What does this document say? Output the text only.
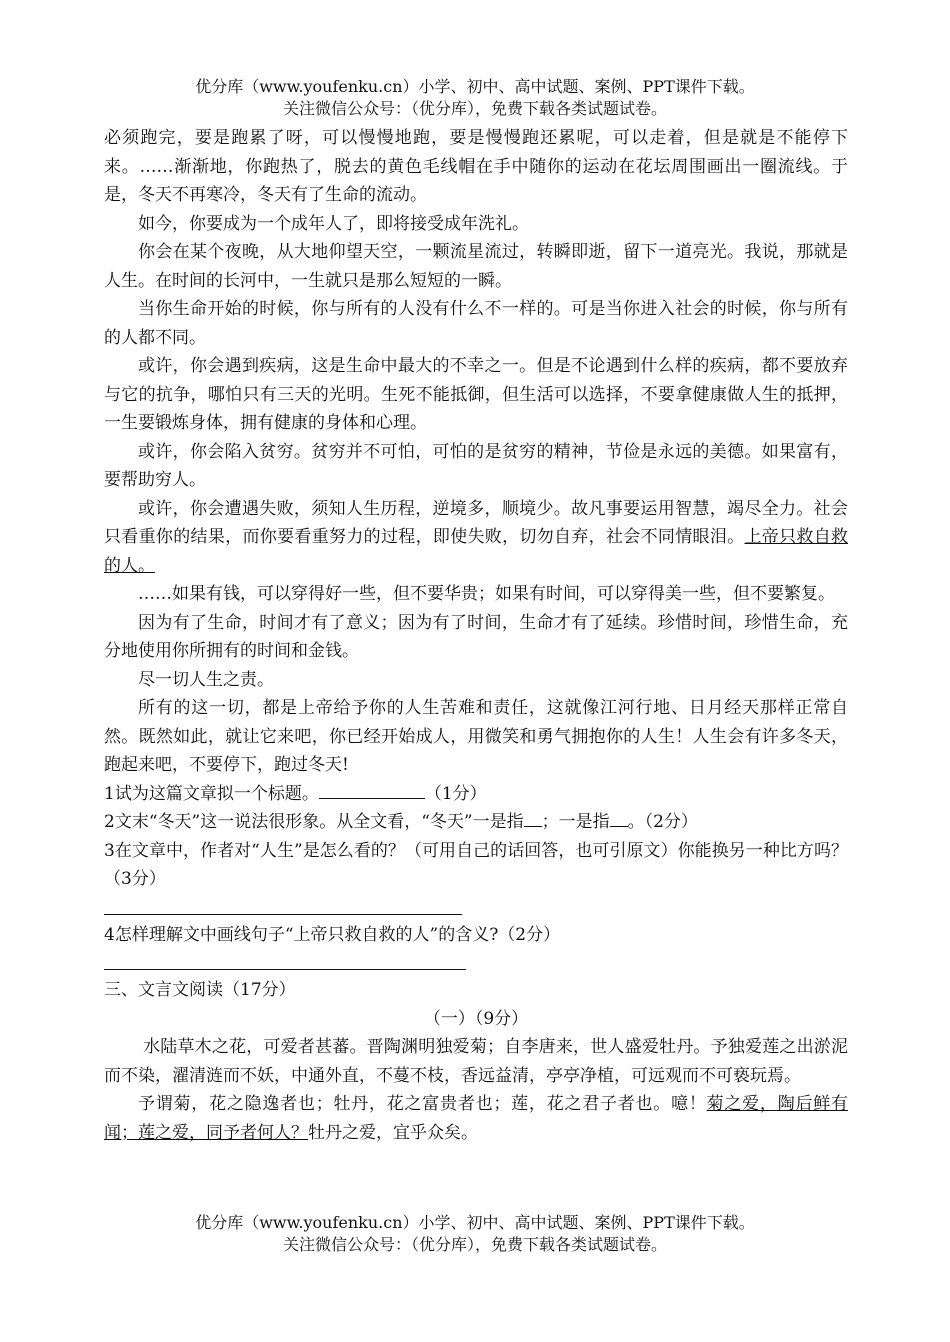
优分库（www.youfenku.cn）小学、初中、高中试题、案例、PPT课件下载。
关注微信公众号：（优分库），免费下载各类试题试卷。

必须跑完，要是跑累了呀，可以慢慢地跑，要是慢慢跑还累呢，可以走着，但是就是不能停下来。……渐渐地，你跑热了，脱去的黄色毛线帽在手中随你的运动在花坛周围画出一圈流线。于是，冬天不再寒冷，冬天有了生命的流动。

如今，你要成为一个成年人了，即将接受成年洗礼。

你会在某个夜晚，从大地仰望天空，一颗流星流过，转瞬即逝，留下一道亮光。我说，那就是人生。在时间的长河中，一生就只是那么短短的一瞬。

当你生命开始的时候，你与所有的人没有什么不一样的。可是当你进入社会的时候，你与所有的人都不同。

或许，你会遇到疾病，这是生命中最大的不幸之一。但是不论遇到什么样的疾病，都不要放弃与它的抗争，哪怕只有三天的光明。生死不能抵御，但生活可以选择，不要拿健康做人生的抵押，一生要锻炼身体，拥有健康的身体和心理。

或许，你会陷入贫穷。贫穷并不可怕，可怕的是贫穷的精神，节俭是永远的美德。如果富有，要帮助穷人。

或许，你会遭遇失败，须知人生历程，逆境多，顺境少。故凡事要运用智慧，竭尽全力。社会只看重你的结果，而你要看重努力的过程，即使失败，切勿自弃，社会不同情眼泪。上帝只救自救的人。

……如果有钱，可以穿得好一些，但不要华贵；如果有时间，可以穿得美一些，但不要繁复。

因为有了生命，时间才有了意义；因为有了时间，生命才有了延续。珍惜时间，珍惜生命，充分地使用你所拥有的时间和金钱。

尽一切人生之责。

所有的这一切，都是上帝给予你的人生苦难和责任，这就像江河行地、日月经天那样正常自然。既然如此，就让它来吧，你已经开始成人，用微笑和勇气拥抱你的人生！人生会有许多冬天，跑起来吧，不要停下，跑过冬天!

1试为这篇文章拟一个标题。	（1分）

2文末“冬天”这一说法很形象。从全文看，“冬天”一是指 ；一是指 。（2分）

3在文章中，作者对“人生”是怎么看的？（可用自己的话回答，也可引原文）你能换另一种比方吗？（3分）

4怎样理解文中画线句子“上帝只救自救的人”的含义?（2分）

三、文言文阅读（17分）

（一）（9分）

水陆草木之花，可爱者甚蕃。晋陶渊明独爱菊；自李唐来，世人盛爱牡丹。予独爱莲之出淤泥而不染，濯清涟而不妖，中通外直，不蔓不枝，香远益清，亭亭净植，可远观而不可亵玩焉。

予谓菊，花之隐逸者也；牡丹，花之富贵者也；莲，花之君子者也。噫！菊之爱，陶后鲜有闻；莲之爱，同予者何人？牡丹之爱，宜乎众矣。

优分库（www.youfenku.cn）小学、初中、高中试题、案例、PPT课件下载。
关注微信公众号：（优分库），免费下载各类试题试卷。
